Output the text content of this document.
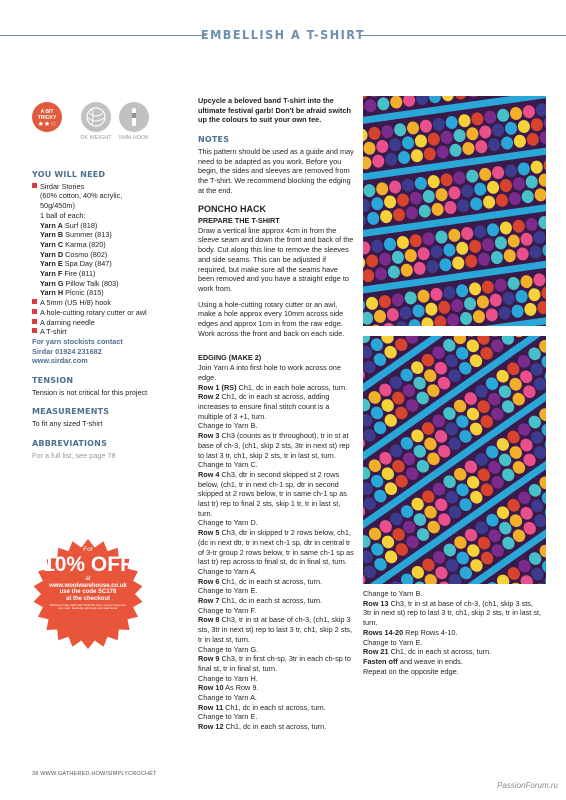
EMBELLISH A T-SHIRT
A BIT TRICKY
★★☆
DK WEIGHT	5MM HOOK
YOU WILL NEED
Sirdar Stories
(60% cotton, 40% acrylic,
50g/450m)
1 ball of each:
Yarn A Surf (818)
Yarn B Summer (813)
Yarn C Karma (820)
Yarn D Cosmo (802)
Yarn E Spa Day (847)
Yarn F Fire (811)
Yarn G Pillow Talk (803)
Yarn H Picnic (815)
A 5mm (US H/8) hook
A hole-cutting rotary cutter or awl
A darning needle
A T-shirt
For yarn stockists contact
Sirdar 01924 231682
www.sirdar.com
TENSION
Tension is not critical for this project
MEASUREMENTS
To fit any sized T-shirt
ABBREVIATIONS
For a full list, see page 78
For
10% OFF
at
www.woolwarehouse.co.uk
use the code SC178
at the checkout
Discount code valid until 11/04/18. One use per customer
per order. Excludes gift cards and sale items.

Upcycle a beloved band T-shirt into the ultimate festival garb! Don't be afraid switch up the colours to suit your own tee.

NOTES

This pattern should be used as a guide and may need to be adapted as you work. Before you begin, the sides and sleeves are removed from the T-shirt. We recommend blocking the edging at the end.

PONCHO HACK
PREPARE THE T-SHIRT

Draw a vertical line approx 4cm in from the sleeve seam and down the front and back of the body. Cut along this line to remove the sleeves and side seams. This can be adjusted if required, but make sure all the seams have been removed and you have a straight edge to work from.

Using a hole-cutting rotary cutter or an awl, make a hole approx every 10mm across side edges and approx 1cm in from the raw edge. Work across the front and back on each side.

EDGING (MAKE 2)
Join Yarn A into first hole to work across one edge.
Row 1 (RS) Ch1, dc in each hole across, turn.
Row 2 Ch1, dc in each st across, adding increases to ensure final stitch count is a multiple of 3 +1, turn.
Change to Yarn B.
Row 3 Ch3 (counts as tr throughout), tr in st at base of ch-3, (ch1, skip 2 sts, 3tr in next st) rep to last 3 tr, ch1, skip 2 sts, tr in last st, turn.
Change to Yarn C.
Row 4 Ch3, dtr in second skipped st 2 rows below, (ch1, tr in next ch-1 sp, dtr in second skipped st 2 rows below, tr in same ch-1 sp as last tr) rep to final 2 sts, skip 1 tr, tr in last st, turn.
Change to Yarn D.
Row 5 Ch3, dtr in skipped tr 2 rows below, ch1, (dc in next dtr, tr in next ch-1 sp, dtr in central tr of 3-tr group 2 rows below, tr in same ch-1 sp as last tr) rep across to final st, dc in final st, turn.
Change to Yarn A.
Row 6 Ch1, dc in each st across, turn.
Change to Yarn E.
Row 7 Ch1, dc in each st across, turn.
Change to Yarn F.
Row 8 Ch3, tr in st at base of ch-3, (ch1, skip 3 sts, 3tr in next st) rep to last 3 tr, ch1, skip 2 sts, tr in last st, turn.
Change to Yarn G.
Row 9 Ch3, tr in first ch-sp, 3tr in each ch-sp to final st, tr in final st, turn.
Change to Yarn H.
Row 10 As Row 9.
Change to Yarn A.
Row 11 Ch1, dc in each st across, turn.
Change to Yarn E.
Row 12 Ch1, dc in each st across, turn.
Change to Yarn B.
Row 13 Ch3, tr in st at base of ch-3, (ch1, skip 3 sts, 3tr in next st) rep to last 3 tr, ch1, skip 2 sts, tr in last st, turn.
Rows 14-20 Rep Rows 4-10.
Change to Yarn E.
Row 21 Ch1, dc in each st across, turn.
Fasten off and weave in ends.
Repeat on the opposite edge.
38 WWW.GATHERED.HOW/SIMPLYCROCHET
PassionForum.ru
